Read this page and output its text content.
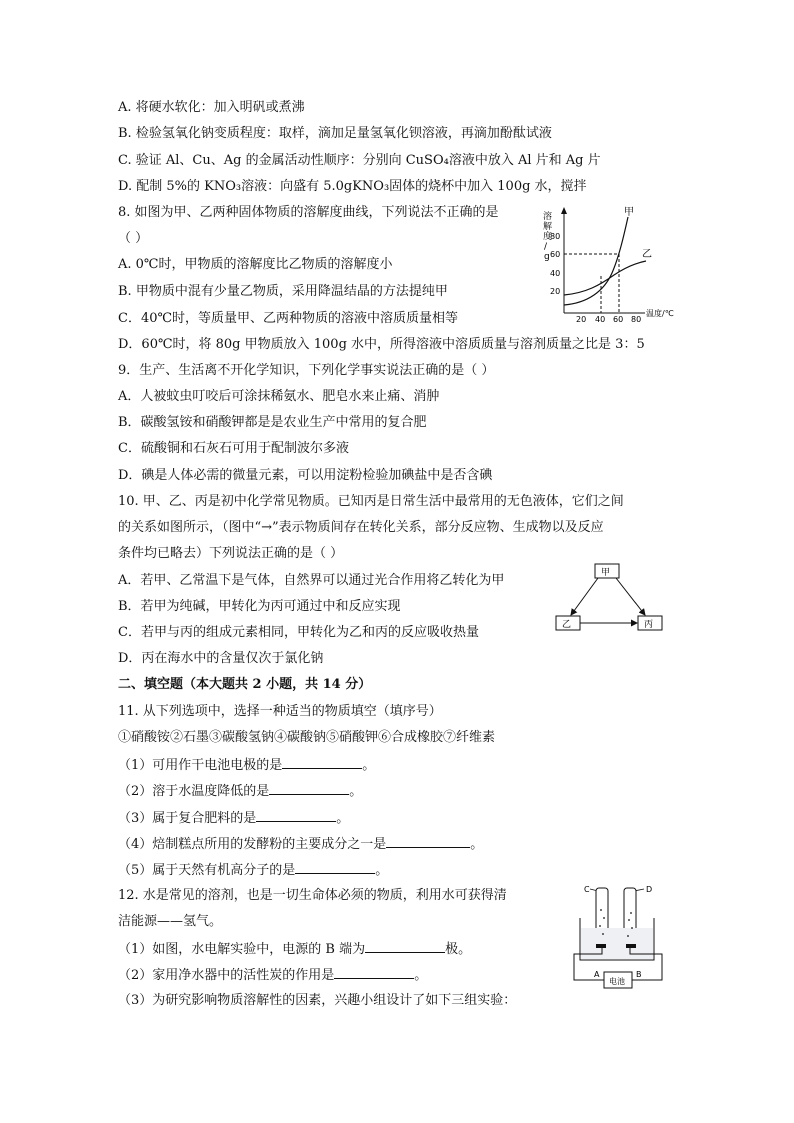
A. 将硬水软化：加入明矾或煮沸
B. 检验氢氧化钠变质程度：取样，滴加足量氢氧化钡溶液，再滴加酚酞试液
C. 验证 Al、Cu、Ag 的金属活动性顺序：分别向 CuSO₄溶液中放入 Al 片和 Ag 片
D. 配制 5%的 KNO₃溶液：向盛有 5.0gKNO₃固体的烧杯中加入 100g 水，搅拌
8. 如图为甲、乙两种固体物质的溶解度曲线，下列说法不正确的是
（ ）
A. 0℃时，甲物质的溶解度比乙物质的溶解度小
B. 甲物质中混有少量乙物质，采用降温结晶的方法提纯甲
C．40℃时，等质量甲、乙两种物质的溶液中溶质质量相等
D．60℃时，将 80g 甲物质放入 100g 水中，所得溶液中溶质质量与溶剂质量之比是 3：5
溶
解
度
/
g
20
40
60
80
20 40 60 80
温度/℃
甲
乙
9．生产、生活离不开化学知识，下列化学事实说法正确的是（ ）
A．人被蚊虫叮咬后可涂抹稀氨水、肥皂水来止痛、消肿
B．碳酸氢铵和硝酸钾都是是农业生产中常用的复合肥
C．硫酸铜和石灰石可用于配制波尔多液
D．碘是人体必需的微量元素，可以用淀粉检验加碘盐中是否含碘
10. 甲、乙、丙是初中化学常见物质。已知丙是日常生活中最常用的无色液体，它们之间
的关系如图所示，（图中“→”表示物质间存在转化关系，部分反应物、生成物以及反应
条件均已略去）下列说法正确的是（ ）
A．若甲、乙常温下是气体，自然界可以通过光合作用将乙转化为甲
B．若甲为纯碱，甲转化为丙可通过中和反应实现
C．若甲与丙的组成元素相同，甲转化为乙和丙的反应吸收热量
D．丙在海水中的含量仅次于氯化钠
甲
乙	丙
二、填空题（本大题共 2 小题，共 14 分）
11. 从下列选项中，选择一种适当的物质填空（填序号）
①硝酸铵②石墨③碳酸氢钠④碳酸钠⑤硝酸钾⑥合成橡胶⑦纤维素
（1）可用作干电池电极的是	。
（2）溶于水温度降低的是	。
（3）属于复合肥料的是	。
（4）焙制糕点所用的发酵粉的主要成分之一是	。
（5）属于天然有机高分子的是	。
12. 水是常见的溶剂，也是一切生命体必须的物质，利用水可获得清
洁能源——氢气。
（1）如图，水电解实验中，电源的 B 端为	极。
（2）家用净水器中的活性炭的作用是	。
（3）为研究影响物质溶解性的因素，兴趣小组设计了如下三组实验：
C	D
电池
A	B
